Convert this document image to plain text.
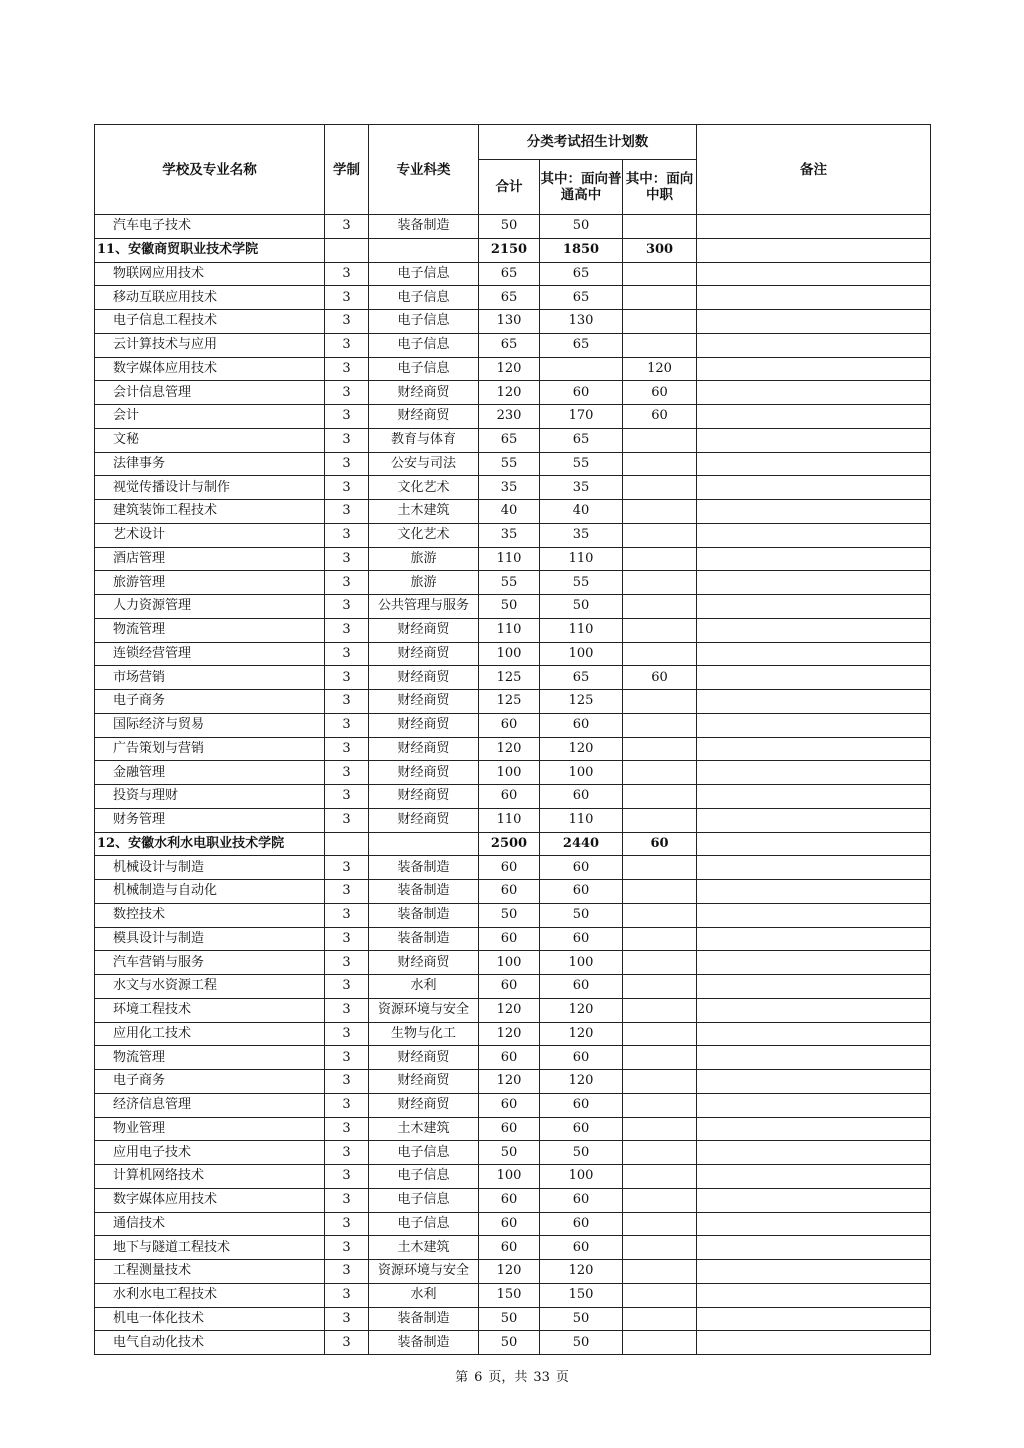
学校及专业名称	学制	专业科类	分类考试招生计划数			备注
			合计	其中：面向普通高中	其中：面向中职	
汽车电子技术	3	装备制造	50	50		
11、安徽商贸职业技术学院			2150	1850	300	
物联网应用技术	3	电子信息	65	65		
移动互联应用技术	3	电子信息	65	65		
电子信息工程技术	3	电子信息	130	130		
云计算技术与应用	3	电子信息	65	65		
数字媒体应用技术	3	电子信息	120		120	
会计信息管理	3	财经商贸	120	60	60	
会计	3	财经商贸	230	170	60	
文秘	3	教育与体育	65	65		
法律事务	3	公安与司法	55	55		
视觉传播设计与制作	3	文化艺术	35	35		
建筑装饰工程技术	3	土木建筑	40	40		
艺术设计	3	文化艺术	35	35		
酒店管理	3	旅游	110	110		
旅游管理	3	旅游	55	55		
人力资源管理	3	公共管理与服务	50	50		
物流管理	3	财经商贸	110	110		
连锁经营管理	3	财经商贸	100	100		
市场营销	3	财经商贸	125	65	60	
电子商务	3	财经商贸	125	125		
国际经济与贸易	3	财经商贸	60	60		
广告策划与营销	3	财经商贸	120	120		
金融管理	3	财经商贸	100	100		
投资与理财	3	财经商贸	60	60		
财务管理	3	财经商贸	110	110		
12、安徽水利水电职业技术学院			2500	2440	60	
机械设计与制造	3	装备制造	60	60		
机械制造与自动化	3	装备制造	60	60		
数控技术	3	装备制造	50	50		
模具设计与制造	3	装备制造	60	60		
汽车营销与服务	3	财经商贸	100	100		
水文与水资源工程	3	水利	60	60		
环境工程技术	3	资源环境与安全	120	120		
应用化工技术	3	生物与化工	120	120		
物流管理	3	财经商贸	60	60		
电子商务	3	财经商贸	120	120		
经济信息管理	3	财经商贸	60	60		
物业管理	3	土木建筑	60	60		
应用电子技术	3	电子信息	50	50		
计算机网络技术	3	电子信息	100	100		
数字媒体应用技术	3	电子信息	60	60		
通信技术	3	电子信息	60	60		
地下与隧道工程技术	3	土木建筑	60	60		
工程测量技术	3	资源环境与安全	120	120		
水利水电工程技术	3	水利	150	150		
机电一体化技术	3	装备制造	50	50		
电气自动化技术	3	装备制造	50	50		
第 6 页，共 33 页
